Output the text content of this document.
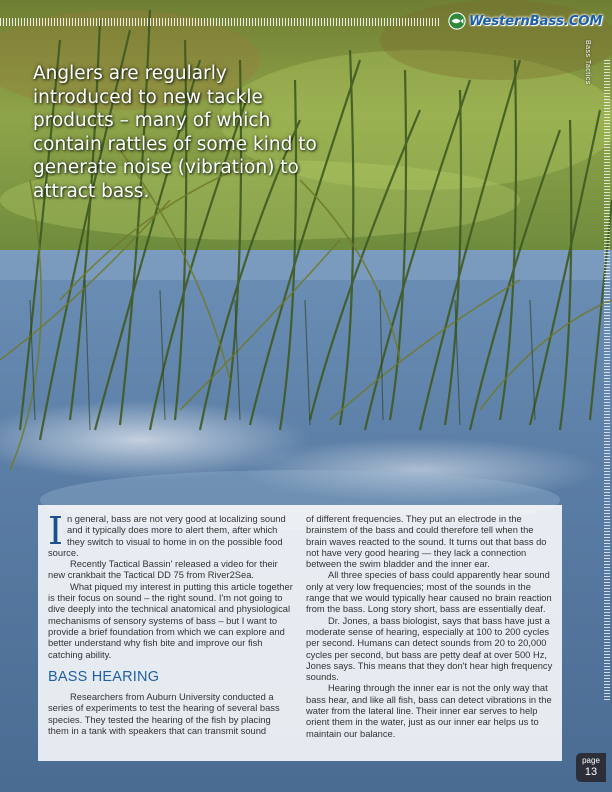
WesternBass.COM
Bass Tactics
Anglers are regularly introduced to new tackle products – many of which contain rattles of some kind to generate noise (vibration) to attract bass.

In general, bass are not very good at localizing sound and it typically does more to alert them, after which they switch to visual to home in on the possible food source.

Recently Tactical Bassin' released a video for their new crankbait the Tactical DD 75 from River2Sea.

What piqued my interest in putting this article together is their focus on sound – the right sound. I'm not going to dive deeply into the technical anatomical and physiological mechanisms of sensory systems of bass – but I want to provide a brief foundation from which we can explore and better understand why fish bite and improve our fish catching ability.

BASS HEARING

Researchers from Auburn University conducted a series of experiments to test the hearing of several bass species. They tested the hearing of the fish by placing them in a tank with speakers that can transmit sound

of different frequencies. They put an electrode in the brainstem of the bass and could therefore tell when the brain waves reacted to the sound. It turns out that bass do not have very good hearing — they lack a connection between the swim bladder and the inner ear.

All three species of bass could apparently hear sound only at very low frequencies; most of the sounds in the range that we would typically hear caused no brain reaction from the bass. Long story short, bass are essentially deaf.

Dr. Jones, a bass biologist, says that bass have just a moderate sense of hearing, especially at 100 to 200 cycles per second. Humans can detect sounds from 20 to 20,000 cycles per second, but bass are petty deaf at over 500 Hz, Jones says. This means that they don't hear high frequency sounds.

Hearing through the inner ear is not the only way that bass hear, and like all fish, bass can detect vibrations in the water from the lateral line. Their inner ear serves to help orient them in the water, just as our inner ear helps us to maintain our balance.

page
13
